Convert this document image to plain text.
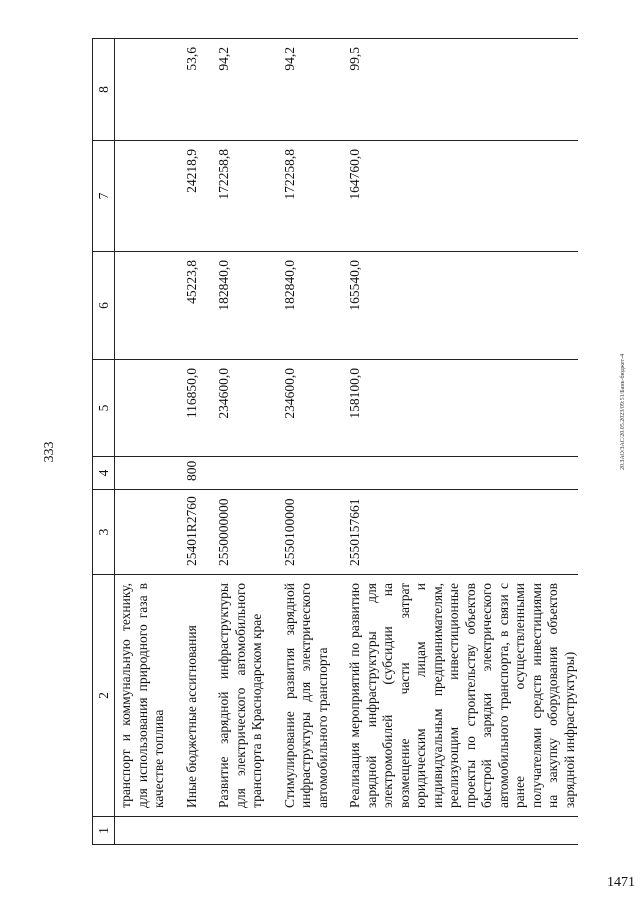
333
1471
20.ЗАО/ЗАС/20.05.2023/09:51/Банк-бюджет-4
1	2	3	4	5	6	7	8
	транспорт и коммунальную технику, для использования природного газа в качестве топлива						
	Иные бюджетные ассигнования	25401R2760	800	116850,0	45223,8	24218,9	53,6
	Развитие зарядной инфраструктуры для электрического автомобильного транспорта в Краснодарском крае	2550000000		234600,0	182840,0	172258,8	94,2
	Стимулирование развития зарядной инфраструктуры для электрического автомобильного транспорта	2550100000		234600,0	182840,0	172258,8	94,2
	Реализация мероприятий по развитию зарядной инфраструктуры для электромобилей (субсидии на возмещение части затрат юридическим лицам и индивидуальным предпринимателям, реализующим инвестиционные проекты по строительству объектов быстрой зарядки электрического автомобильного транспорта, в связи с ранее осуществленными получателями средств инвестициями на закупку оборудования объектов зарядной инфраструктуры)	2550157661		158100,0	165540,0	164760,0	99,5
